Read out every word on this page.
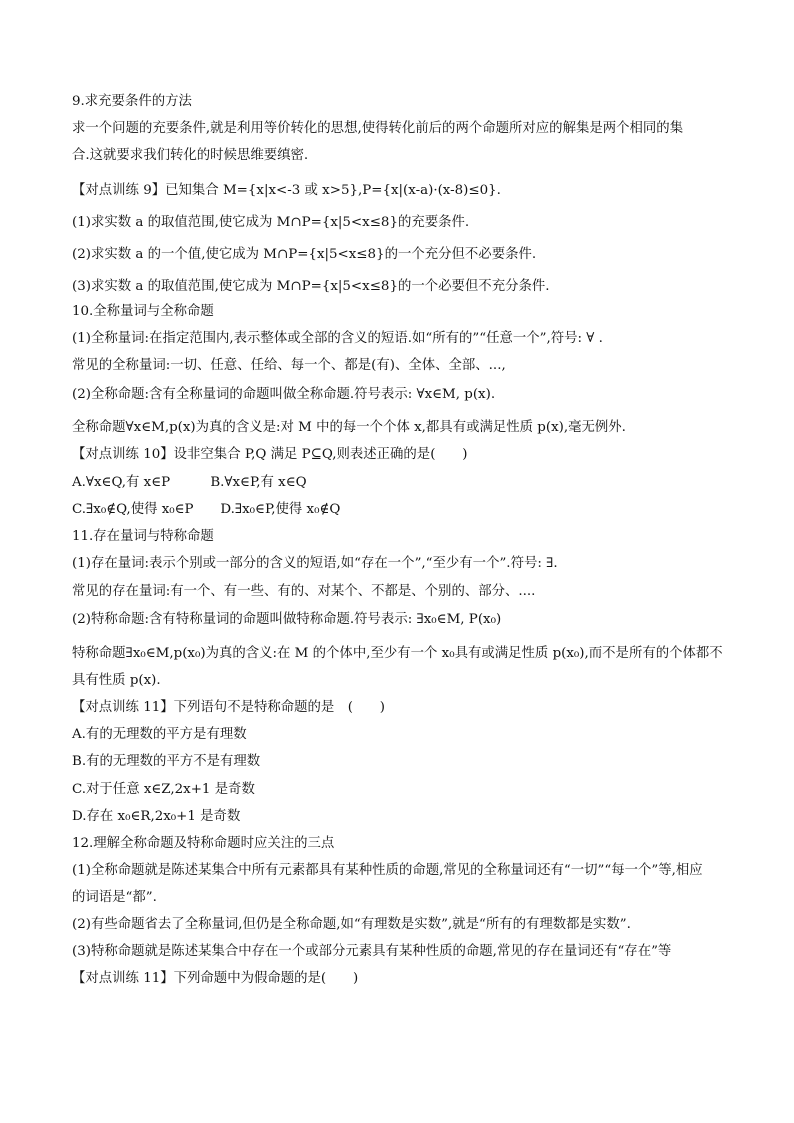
9.求充要条件的方法
求一个问题的充要条件,就是利用等价转化的思想,使得转化前后的两个命题所对应的解集是两个相同的集
合.这就要求我们转化的时候思维要缜密.
【对点训练 9】已知集合 M={x|x<-3 或 x>5},P={x|(x-a)·(x-8)≤0}.
(1)求实数 a 的取值范围,使它成为 M∩P={x|5<x≤8}的充要条件.
(2)求实数 a 的一个值,使它成为 M∩P={x|5<x≤8}的一个充分但不必要条件.
(3)求实数 a 的取值范围,使它成为 M∩P={x|5<x≤8}的一个必要但不充分条件.
10.全称量词与全称命题
(1)全称量词:在指定范围内,表示整体或全部的含义的短语.如“所有的”“任意一个”,符号: ∀ .
常见的全称量词:一切、任意、任给、每一个、都是(有)、全体、全部、...,
(2)全称命题:含有全称量词的命题叫做全称命题.符号表示: ∀x∈M, p(x).
全称命题∀x∈M,p(x)为真的含义是:对 M 中的每一个个体 x,都具有或满足性质 p(x),毫无例外.
【对点训练 10】设非空集合 P,Q 满足 P⊆Q,则表述正确的是(　　)
A.∀x∈Q,有 x∈P　　　B.∀x∈P,有 x∈Q
C.∃x₀∉Q,使得 x₀∈P　　D.∃x₀∈P,使得 x₀∉Q
11.存在量词与特称命题
(1)存在量词:表示个别或一部分的含义的短语,如“存在一个”,“至少有一个”.符号: ∃.
常见的存在量词:有一个、有一些、有的、对某个、不都是、个别的、部分、....
(2)特称命题:含有特称量词的命题叫做特称命题.符号表示: ∃x₀∈M, P(x₀)
特称命题∃x₀∈M,p(x₀)为真的含义:在 M 的个体中,至少有一个 x₀具有或满足性质 p(x₀),而不是所有的个体都不
具有性质 p(x).
【对点训练 11】下列语句不是特称命题的是　(　　)
A.有的无理数的平方是有理数
B.有的无理数的平方不是有理数
C.对于任意 x∈Z,2x+1 是奇数
D.存在 x₀∈R,2x₀+1 是奇数
12.理解全称命题及特称命题时应关注的三点
(1)全称命题就是陈述某集合中所有元素都具有某种性质的命题,常见的全称量词还有“一切”“每一个”等,相应
的词语是“都”.
(2)有些命题省去了全称量词,但仍是全称命题,如“有理数是实数”,就是“所有的有理数都是实数”.
(3)特称命题就是陈述某集合中存在一个或部分元素具有某种性质的命题,常见的存在量词还有“存在”等
【对点训练 11】下列命题中为假命题的是(　　)
